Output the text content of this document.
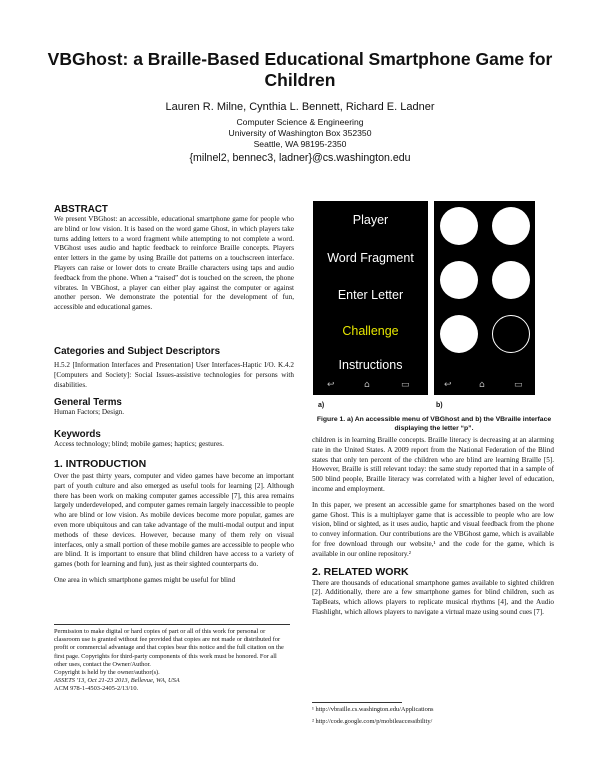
VBGhost: a Braille-Based Educational Smartphone Game for Children
Lauren R. Milne, Cynthia L. Bennett, Richard E. Ladner
Computer Science & Engineering
University of Washington Box 352350
Seattle, WA 98195-2350
{milnel2, bennec3, ladner}@cs.washington.edu
ABSTRACT

We present VBGhost: an accessible, educational smartphone game for people who are blind or low vision. It is based on the word game Ghost, in which players take turns adding letters to a word fragment while attempting to not complete a word. VBGhost uses audio and haptic feedback to reinforce Braille concepts. Players enter letters in the game by using Braille dot patterns on a touchscreen interface. Players can raise or lower dots to create Braille characters using taps and audio feedback from the phone. When a “raised” dot is touched on the screen, the phone vibrates. In VBGhost, a player can either play against the computer or against another person. We demonstrate the potential for the development of fun, accessible and educational games.

Categories and Subject Descriptors

H.5.2 [Information Interfaces and Presentation] User Interfaces-Haptic I/O. K.4.2 [Computers and Society]: Social Issues-assistive technologies for persons with disabilities.

General Terms

Human Factors; Design.

Keywords

Access technology; blind; mobile games; haptics; gestures.

1. INTRODUCTION

Over the past thirty years, computer and video games have become an important part of youth culture and also emerged as useful tools for learning [2]. Although there has been work on making computer games accessible [7], this area remains largely underdeveloped, and computer games remain largely inaccessible to people who are blind or low vision. As mobile devices become more popular, games are even more ubiquitous and can take advantage of the multi-modal output and input methods of these devices. However, because many of them rely on visual interfaces, only a small portion of these mobile games are accessible to people who are blind. It is important to ensure that blind children have access to a variety of games (both for learning and fun), just as their sighted counterparts do.

One area in which smartphone games might be useful for blind

Permission to make digital or hard copies of part or all of this work for personal or classroom use is granted without fee provided that copies are not made or distributed for profit or commercial advantage and that copies bear this notice and the full citation on the first page. Copyrights for third-party components of this work must be honored. For all other uses, contact the Owner/Author.

Copyright is held by the owner/author(s).

ASSETS '13, Oct 21-23 2013, Bellevue, WA, USA

ACM 978-1-4503-2405-2/13/10.

Player
Word Fragment
Enter Letter
Challenge
Instructions
↩	⌂	▭	↩	⌂	▭
a)	b)
Figure 1. a) An accessible menu of VBGhost and b) the VBraille interface displaying the letter “p”.

children is in learning Braille concepts. Braille literacy is decreasing at an alarming rate in the United States. A 2009 report from the National Federation of the Blind states that only ten percent of the children who are blind are learning Braille [5]. However, Braille is still relevant today: the same study reported that in a sample of 500 blind people, Braille literacy was correlated with a higher level of education, income and employment.

In this paper, we present an accessible game for smartphones based on the word game Ghost. This is a multiplayer game that is accessible to people who are low vision, blind or sighted, as it uses audio, haptic and visual feedback from the phone to convey information. Our contributions are the VBGhost game, which is available for free download through our website,¹ and the code for the game, which is available in our online repository.²

2. RELATED WORK

There are thousands of educational smartphone games available to sighted children [2]. Additionally, there are a few smartphone games for blind children, such as TapBeats, which allows players to replicate musical rhythms [4], and the Audio Flashlight, which allows players to navigate a virtual maze using sound cues [7].

¹ http://vbraille.cs.washington.edu/Applications
² http://code.google.com/p/mobileaccessibility/
